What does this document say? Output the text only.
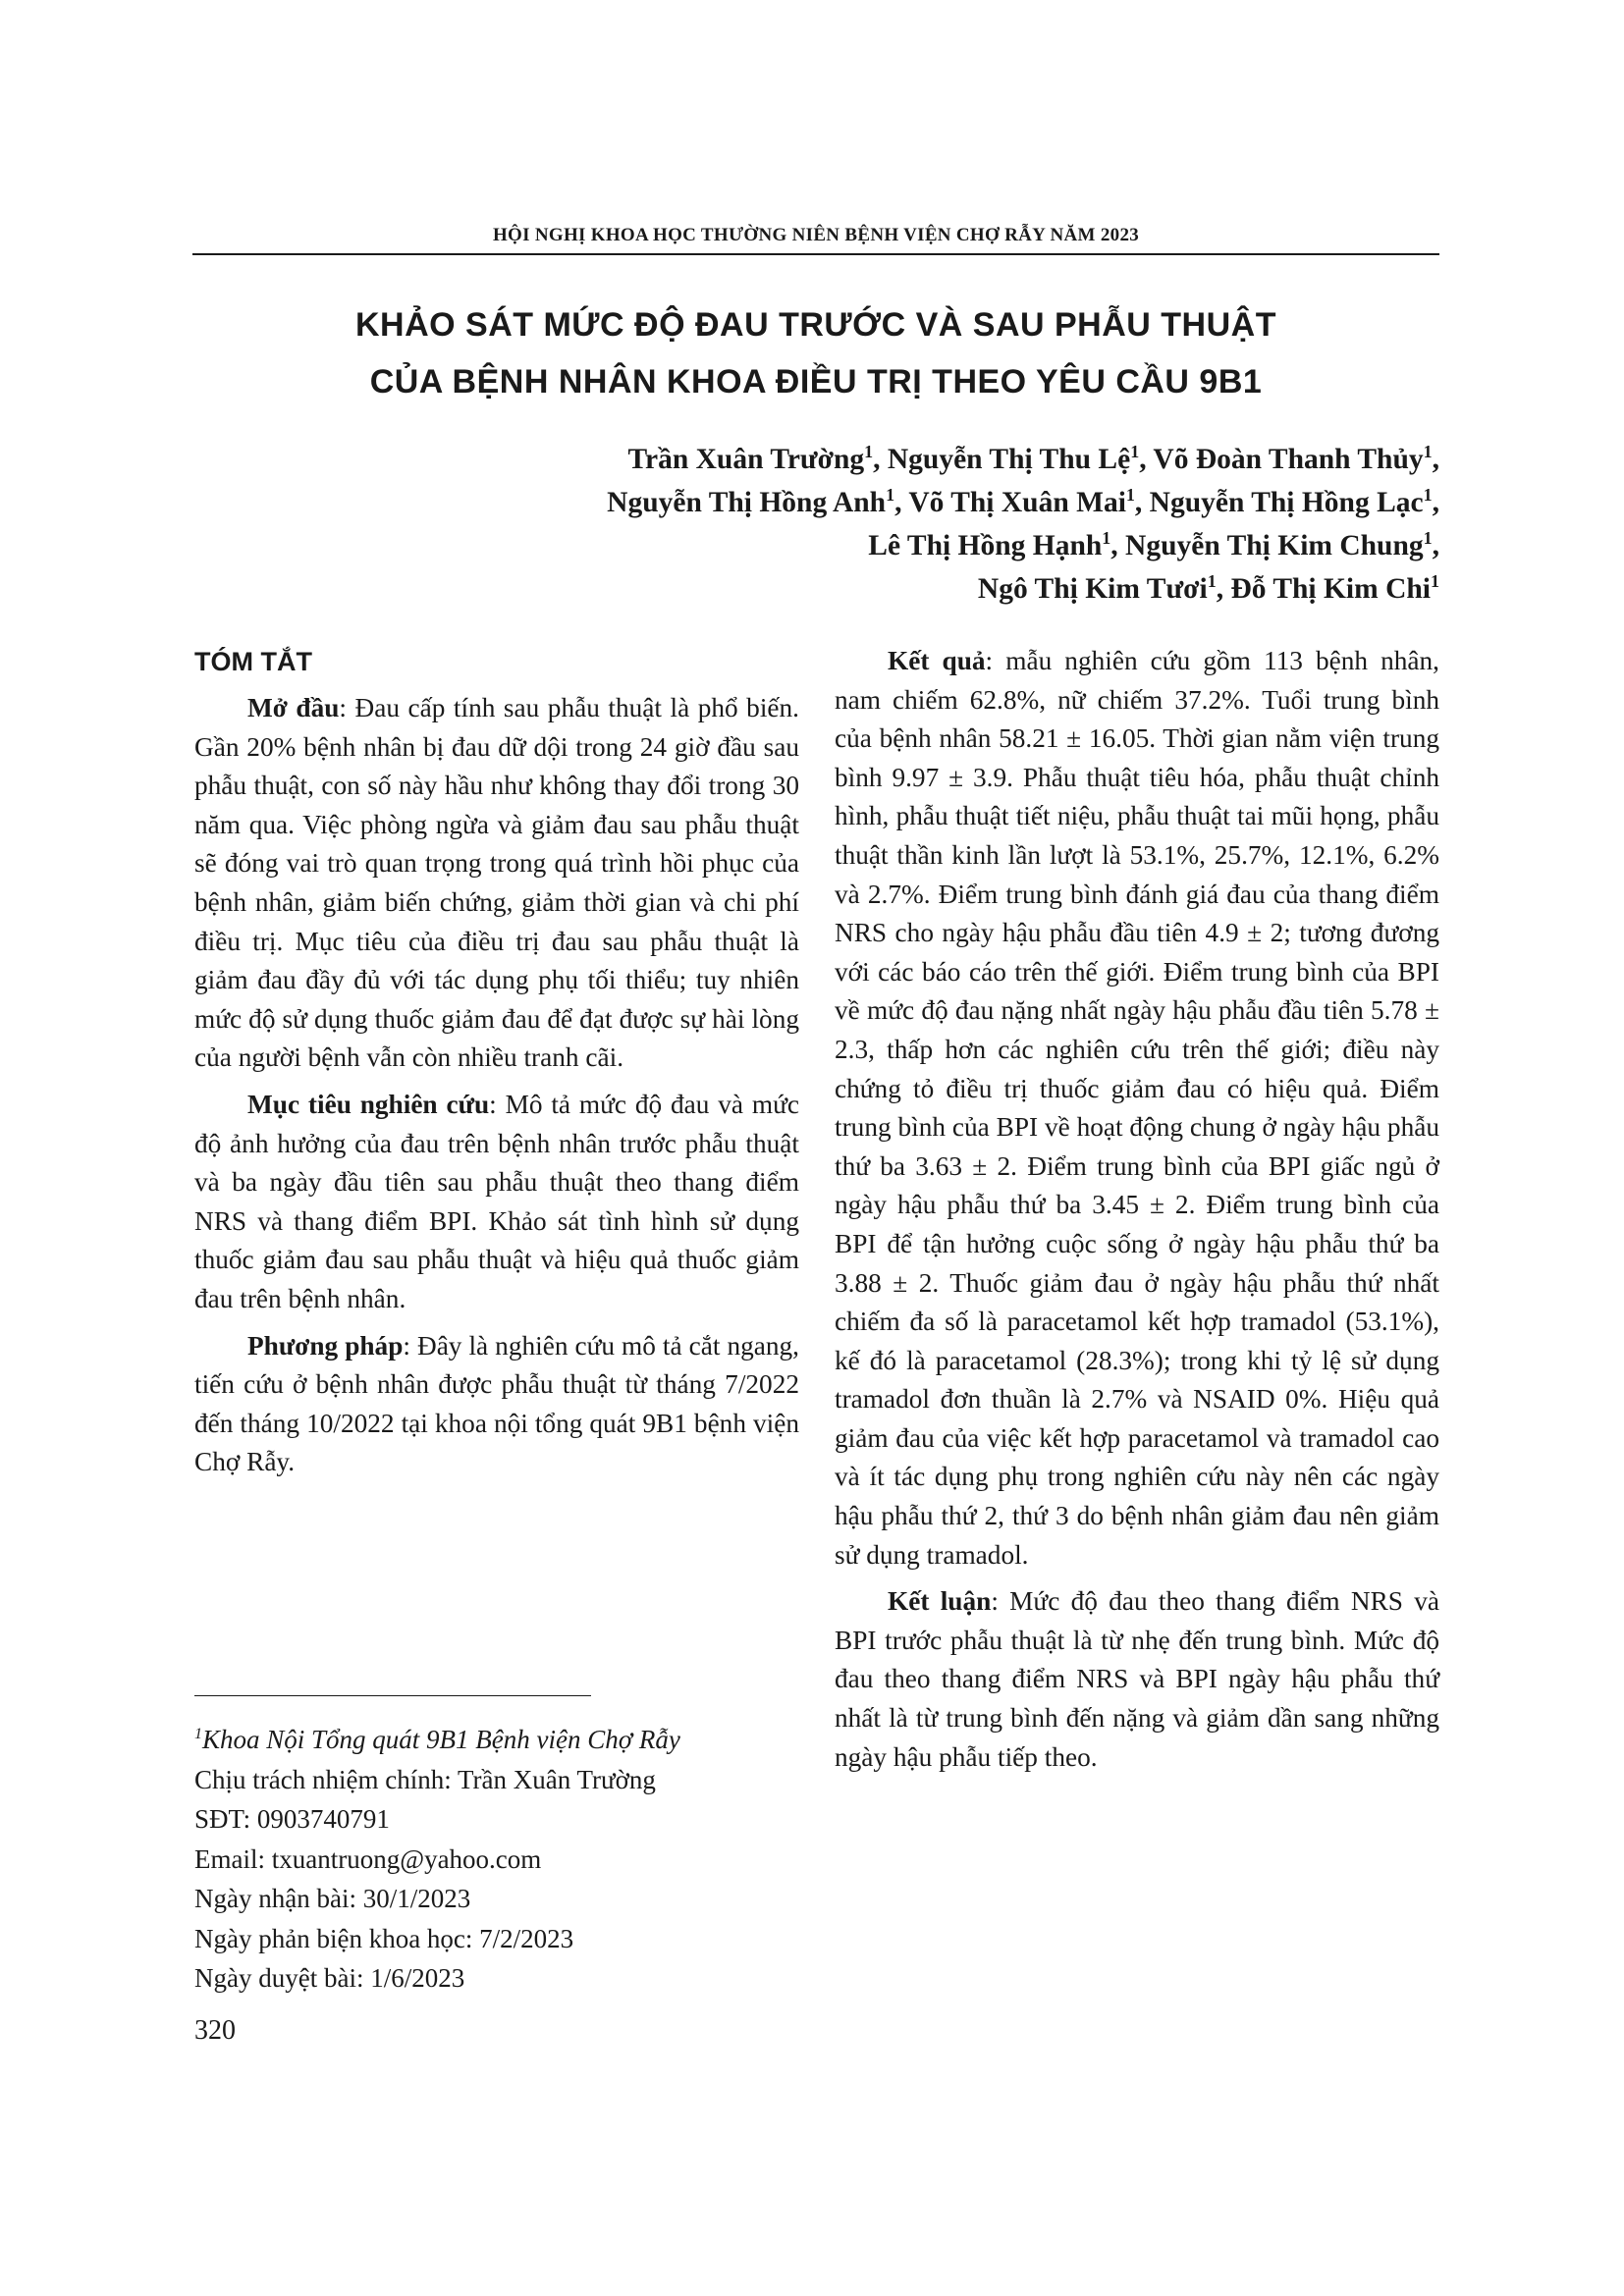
HỘI NGHỊ KHOA HỌC THƯỜNG NIÊN BỆNH VIỆN CHỢ RẪY NĂM 2023
KHẢO SÁT MỨC ĐỘ ĐAU TRƯỚC VÀ SAU PHẪU THUẬT
CỦA BỆNH NHÂN KHOA ĐIỀU TRỊ THEO YÊU CẦU 9B1
Trần Xuân Trường$^1$, Nguyễn Thị Thu Lệ$^1$, Võ Đoàn Thanh Thủy$^1$,
Nguyễn Thị Hồng Anh$^1$, Võ Thị Xuân Mai$^1$, Nguyễn Thị Hồng Lạc$^1$,
Lê Thị Hồng Hạnh$^1$, Nguyễn Thị Kim Chung$^1$,
Ngô Thị Kim Tươi$^1$, Đỗ Thị Kim Chi$^1$
TÓM TẮT

Mở đầu: Đau cấp tính sau phẫu thuật là phổ biến. Gần 20% bệnh nhân bị đau dữ dội trong 24 giờ đầu sau phẫu thuật, con số này hầu như không thay đổi trong 30 năm qua. Việc phòng ngừa và giảm đau sau phẫu thuật sẽ đóng vai trò quan trọng trong quá trình hồi phục của bệnh nhân, giảm biến chứng, giảm thời gian và chi phí điều trị. Mục tiêu của điều trị đau sau phẫu thuật là giảm đau đầy đủ với tác dụng phụ tối thiểu; tuy nhiên mức độ sử dụng thuốc giảm đau để đạt được sự hài lòng của người bệnh vẫn còn nhiều tranh cãi.

Mục tiêu nghiên cứu: Mô tả mức độ đau và mức độ ảnh hưởng của đau trên bệnh nhân trước phẫu thuật và ba ngày đầu tiên sau phẫu thuật theo thang điểm NRS và thang điểm BPI. Khảo sát tình hình sử dụng thuốc giảm đau sau phẫu thuật và hiệu quả thuốc giảm đau trên bệnh nhân.

Phương pháp: Đây là nghiên cứu mô tả cắt ngang, tiến cứu ở bệnh nhân được phẫu thuật từ tháng 7/2022 đến tháng 10/2022 tại khoa nội tổng quát 9B1 bệnh viện Chợ Rẫy.

Kết quả: mẫu nghiên cứu gồm 113 bệnh nhân, nam chiếm 62.8%, nữ chiếm 37.2%. Tuổi trung bình của bệnh nhân 58.21 ± 16.05. Thời gian nằm viện trung bình 9.97 ± 3.9. Phẫu thuật tiêu hóa, phẫu thuật chỉnh hình, phẫu thuật tiết niệu, phẫu thuật tai mũi họng, phẫu thuật thần kinh lần lượt là 53.1%, 25.7%, 12.1%, 6.2% và 2.7%. Điểm trung bình đánh giá đau của thang điểm NRS cho ngày hậu phẫu đầu tiên 4.9 ± 2; tương đương với các báo cáo trên thế giới. Điểm trung bình của BPI về mức độ đau nặng nhất ngày hậu phẫu đầu tiên 5.78 ± 2.3, thấp hơn các nghiên cứu trên thế giới; điều này chứng tỏ điều trị thuốc giảm đau có hiệu quả. Điểm trung bình của BPI về hoạt động chung ở ngày hậu phẫu thứ ba 3.63 ± 2. Điểm trung bình của BPI giấc ngủ ở ngày hậu phẫu thứ ba 3.45 ± 2. Điểm trung bình của BPI để tận hưởng cuộc sống ở ngày hậu phẫu thứ ba 3.88 ± 2. Thuốc giảm đau ở ngày hậu phẫu thứ nhất chiếm đa số là paracetamol kết hợp tramadol (53.1%), kế đó là paracetamol (28.3%); trong khi tỷ lệ sử dụng tramadol đơn thuần là 2.7% và NSAID 0%. Hiệu quả giảm đau của việc kết hợp paracetamol và tramadol cao và ít tác dụng phụ trong nghiên cứu này nên các ngày hậu phẫu thứ 2, thứ 3 do bệnh nhân giảm đau nên giảm sử dụng tramadol.

Kết luận: Mức độ đau theo thang điểm NRS và BPI trước phẫu thuật là từ nhẹ đến trung bình. Mức độ đau theo thang điểm NRS và BPI ngày hậu phẫu thứ nhất là từ trung bình đến nặng và giảm dần sang những ngày hậu phẫu tiếp theo.

$^1$Khoa Nội Tổng quát 9B1 Bệnh viện Chợ Rẫy
Chịu trách nhiệm chính: Trần Xuân Trường
SĐT: 0903740791
Email: txuantruong@yahoo.com
Ngày nhận bài: 30/1/2023
Ngày phản biện khoa học: 7/2/2023
Ngày duyệt bài: 1/6/2023
320
